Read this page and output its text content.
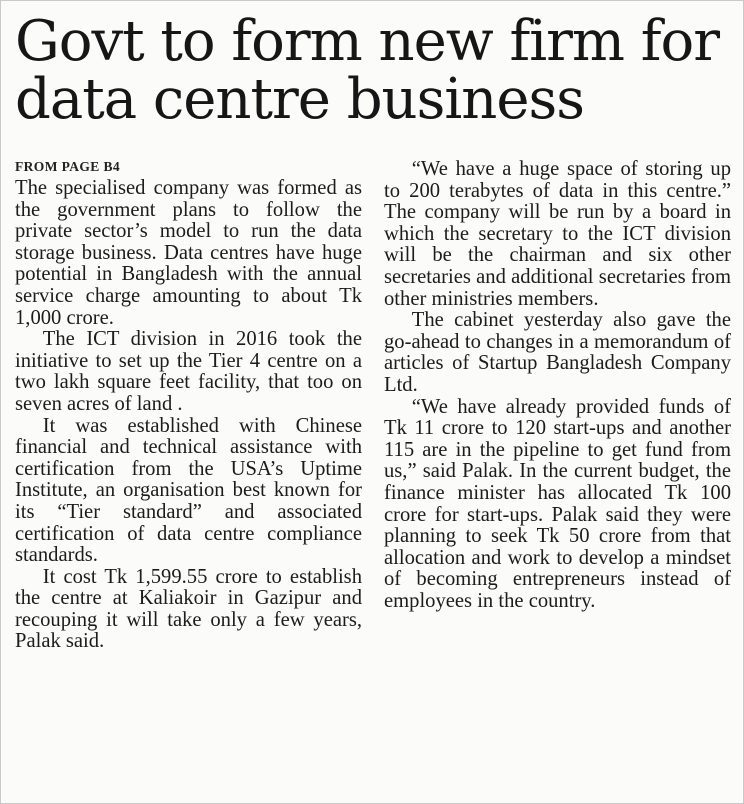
Govt to form new firm for
data centre business
FROM PAGE B4

The specialised company was formed as the government plans to follow the private sector’s model to run the data storage business. Data centres have huge potential in Bangladesh with the annual service charge amounting to about Tk 1,000 crore.

The ICT division in 2016 took the initiative to set up the Tier 4 centre on a two lakh square feet facility, that too on seven acres of land .

It was established with Chinese financial and technical assistance with certification from the USA’s Uptime Institute, an organisation best known for its “Tier standard” and associated certification of data centre compliance standards.

It cost Tk 1,599.55 crore to establish the centre at Kaliakoir in Gazipur and recouping it will take only a few years, Palak said.

“We have a huge space of storing up to 200 terabytes of data in this centre.” The company will be run by a board in which the secretary to the ICT division will be the chairman and six other secretaries and additional secretaries from other ministries members.

The cabinet yesterday also gave the go-ahead to changes in a memorandum of articles of Startup Bangladesh Company Ltd.

“We have already provided funds of Tk 11 crore to 120 start-ups and another 115 are in the pipeline to get fund from us,” said Palak. In the current budget, the finance minister has allocated Tk 100 crore for start-ups. Palak said they were planning to seek Tk 50 crore from that allocation and work to develop a mindset of becoming entrepreneurs instead of employees in the country.
